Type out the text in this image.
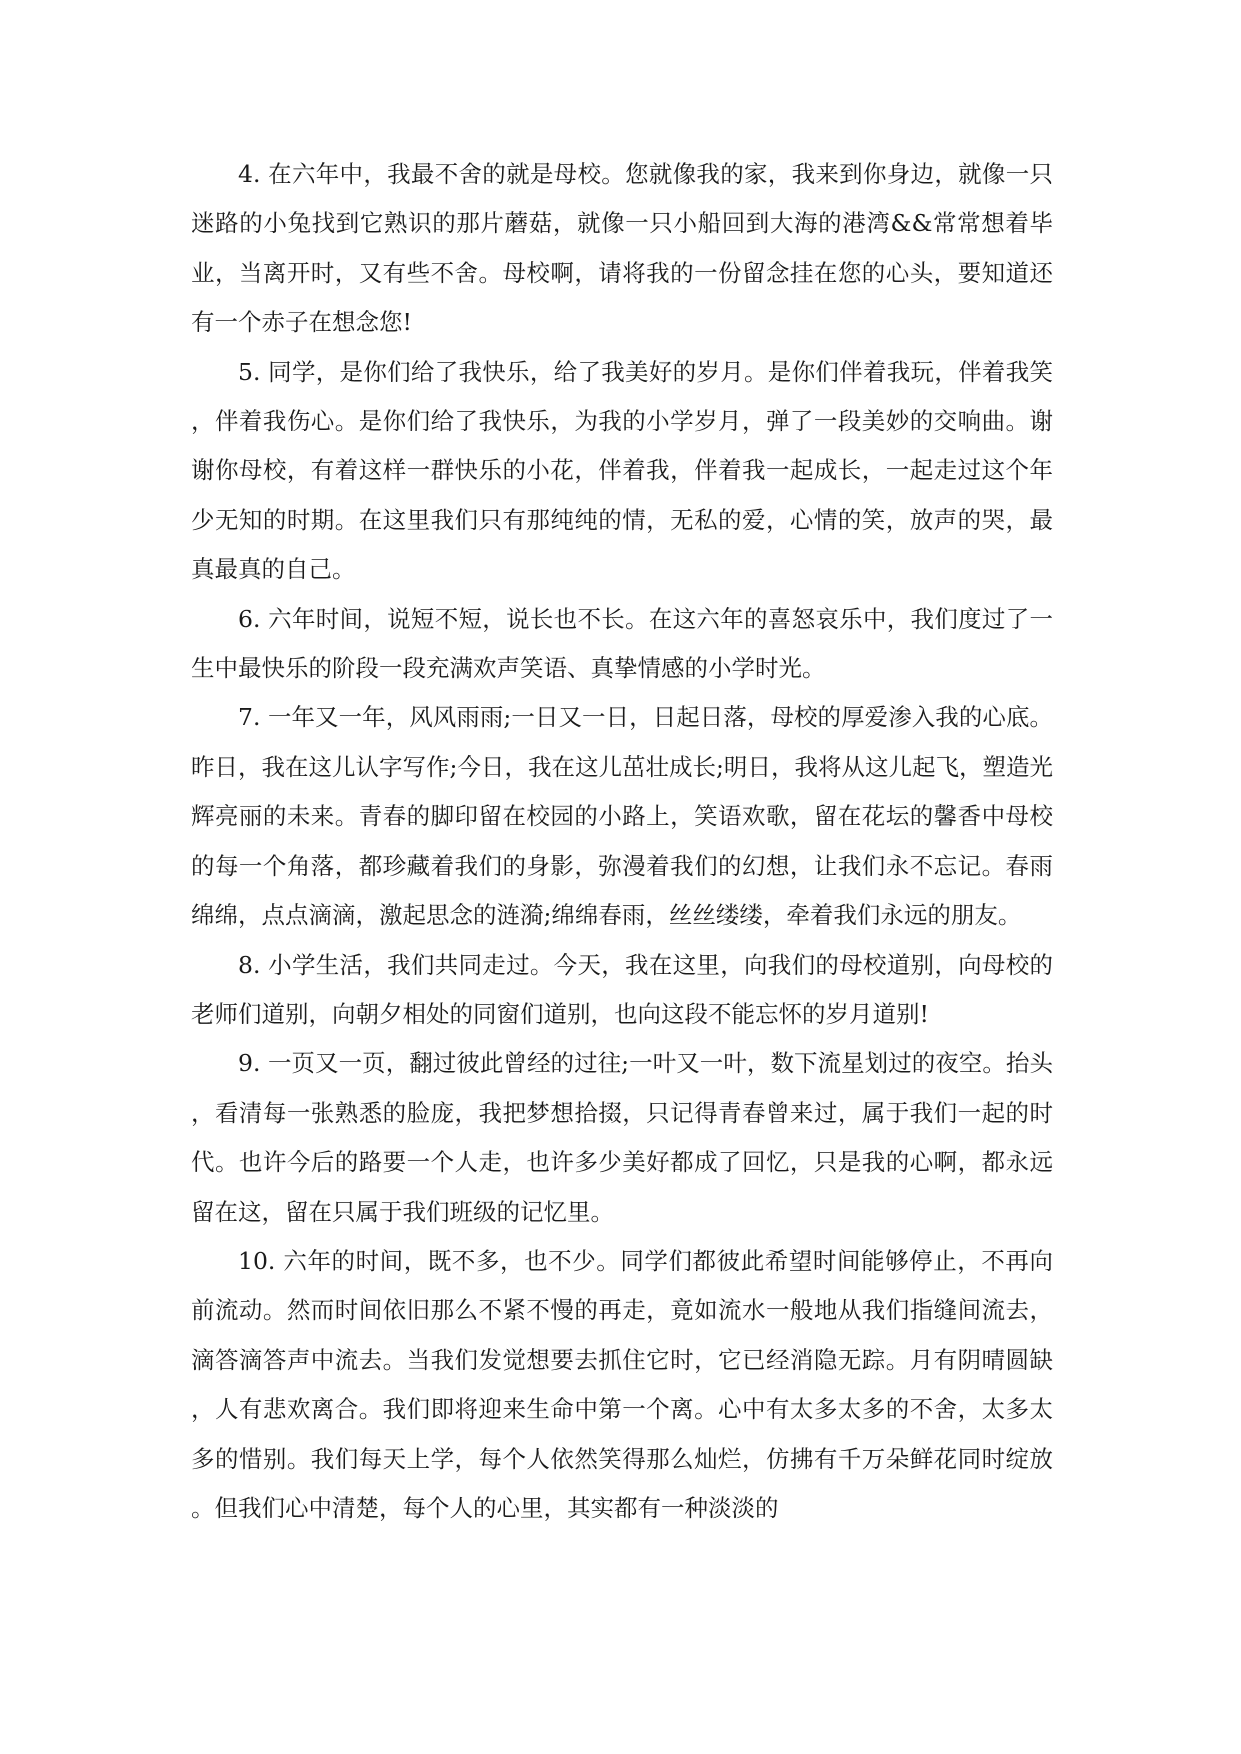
4. 在六年中，我最不舍的就是母校。您就像我的家，我来到你身边，就像一只迷路的小兔找到它熟识的那片蘑菇，就像一只小船回到大海的港湾&&常常想着毕业，当离开时，又有些不舍。母校啊，请将我的一份留念挂在您的心头，要知道还有一个赤子在想念您!

5. 同学，是你们给了我快乐，给了我美好的岁月。是你们伴着我玩，伴着我笑，伴着我伤心。是你们给了我快乐，为我的小学岁月，弹了一段美妙的交响曲。谢谢你母校，有着这样一群快乐的小花，伴着我，伴着我一起成长，一起走过这个年少无知的时期。在这里我们只有那纯纯的情，无私的爱，心情的笑，放声的哭，最真最真的自己。

6. 六年时间，说短不短，说长也不长。在这六年的喜怒哀乐中，我们度过了一生中最快乐的阶段一段充满欢声笑语、真挚情感的小学时光。

7. 一年又一年，风风雨雨;一日又一日，日起日落，母校的厚爱渗入我的心底。昨日，我在这儿认字写作;今日，我在这儿茁壮成长;明日，我将从这儿起飞，塑造光辉亮丽的未来。青春的脚印留在校园的小路上，笑语欢歌，留在花坛的馨香中母校的每一个角落，都珍藏着我们的身影，弥漫着我们的幻想，让我们永不忘记。春雨绵绵，点点滴滴，激起思念的涟漪;绵绵春雨，丝丝缕缕，牵着我们永远的朋友。

8. 小学生活，我们共同走过。今天，我在这里，向我们的母校道别，向母校的老师们道别，向朝夕相处的同窗们道别，也向这段不能忘怀的岁月道别!

9. 一页又一页，翻过彼此曾经的过往;一叶又一叶，数下流星划过的夜空。抬头，看清每一张熟悉的脸庞，我把梦想拾掇，只记得青春曾来过，属于我们一起的时代。也许今后的路要一个人走，也许多少美好都成了回忆，只是我的心啊，都永远留在这，留在只属于我们班级的记忆里。

10. 六年的时间，既不多，也不少。同学们都彼此希望时间能够停止，不再向前流动。然而时间依旧那么不紧不慢的再走，竟如流水一般地从我们指缝间流去，滴答滴答声中流去。当我们发觉想要去抓住它时，它已经消隐无踪。月有阴晴圆缺，人有悲欢离合。我们即将迎来生命中第一个离。心中有太多太多的不舍，太多太多的惜别。我们每天上学，每个人依然笑得那么灿烂，仿拂有千万朵鲜花同时绽放。但我们心中清楚，每个人的心里，其实都有一种淡淡的
